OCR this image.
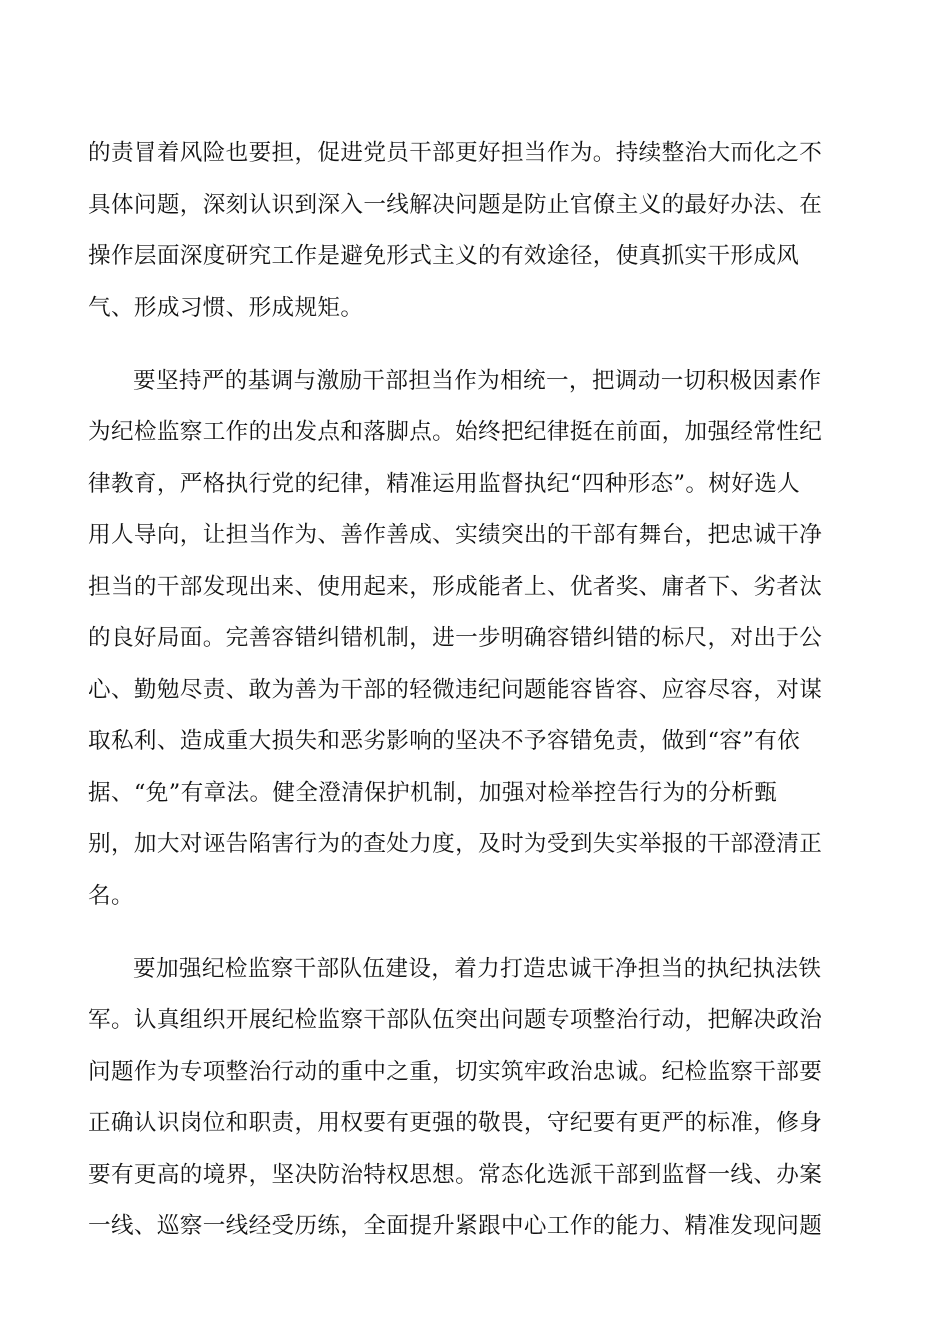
的责冒着风险也要担，促进党员干部更好担当作为。持续整治大而化之不
具体问题，深刻认识到深入一线解决问题是防止官僚主义的最好办法、在
操作层面深度研究工作是避免形式主义的有效途径，使真抓实干形成风
气、形成习惯、形成规矩。

要坚持严的基调与激励干部担当作为相统一，把调动一切积极因素作
为纪检监察工作的出发点和落脚点。始终把纪律挺在前面，加强经常性纪
律教育，严格执行党的纪律，精准运用监督执纪“四种形态”。树好选人
用人导向，让担当作为、善作善成、实绩突出的干部有舞台，把忠诚干净
担当的干部发现出来、使用起来，形成能者上、优者奖、庸者下、劣者汰
的良好局面。完善容错纠错机制，进一步明确容错纠错的标尺，对出于公
心、勤勉尽责、敢为善为干部的轻微违纪问题能容皆容、应容尽容，对谋
取私利、造成重大损失和恶劣影响的坚决不予容错免责，做到“容”有依
据、“免”有章法。健全澄清保护机制，加强对检举控告行为的分析甄
别，加大对诬告陷害行为的查处力度，及时为受到失实举报的干部澄清正
名。

要加强纪检监察干部队伍建设，着力打造忠诚干净担当的执纪执法铁
军。认真组织开展纪检监察干部队伍突出问题专项整治行动，把解决政治
问题作为专项整治行动的重中之重，切实筑牢政治忠诚。纪检监察干部要
正确认识岗位和职责，用权要有更强的敬畏，守纪要有更严的标准，修身
要有更高的境界，坚决防治特权思想。常态化选派干部到监督一线、办案
一线、巡察一线经受历练，全面提升紧跟中心工作的能力、精准发现问题
